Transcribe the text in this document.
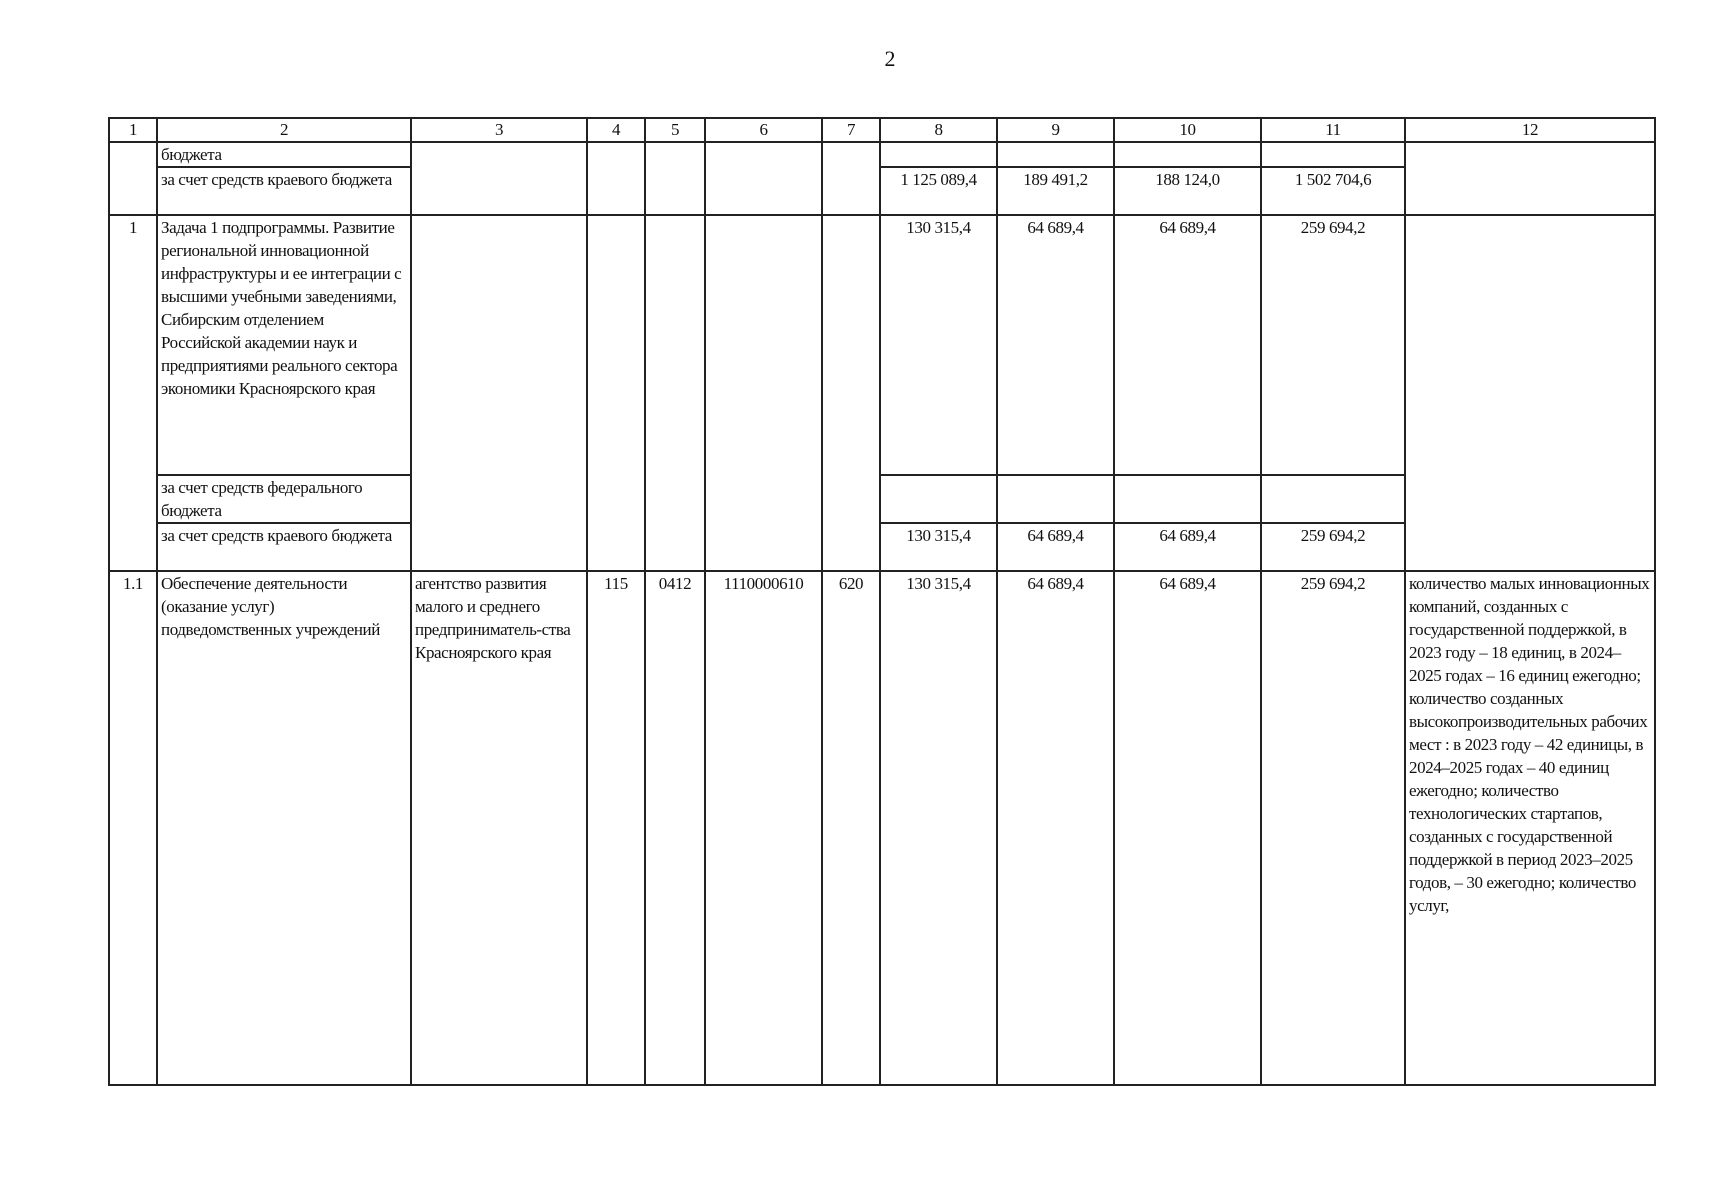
2
1	2	3	4	5	6	7	8	9	10	11	12
	бюджета										
	за счет средств краевого бюджета						1 125 089,4	189 491,2	188 124,0	1 502 704,6	
1	Задача 1 подпрограммы. Развитие региональной инновационной инфраструктуры и ее интеграции с высшими учебными заведениями, Сибирским отделением Российской академии наук и предприятиями реального сектора экономики Красноярского края						130 315,4	64 689,4	64 689,4	259 694,2	
	за счет средств федерального бюджета										
	за счет средств краевого бюджета						130 315,4	64 689,4	64 689,4	259 694,2	
1.1	Обеспечение деятельности (оказание услуг) подведомственных учреждений	агентство развития малого и среднего предприниматель-ства Красноярского края	115	0412	1110000610	620	130 315,4	64 689,4	64 689,4	259 694,2	количество малых инновационных компаний, созданных с государственной поддержкой, в 2023 году – 18 единиц, в 2024–2025 годах – 16 единиц ежегодно; количество созданных высокопроизводительных рабочих мест : в 2023 году – 42 единицы, в 2024–2025 годах – 40 единиц ежегодно; количество технологических стартапов, созданных с государственной поддержкой в период 2023–2025 годов, – 30 ежегодно; количество услуг,
